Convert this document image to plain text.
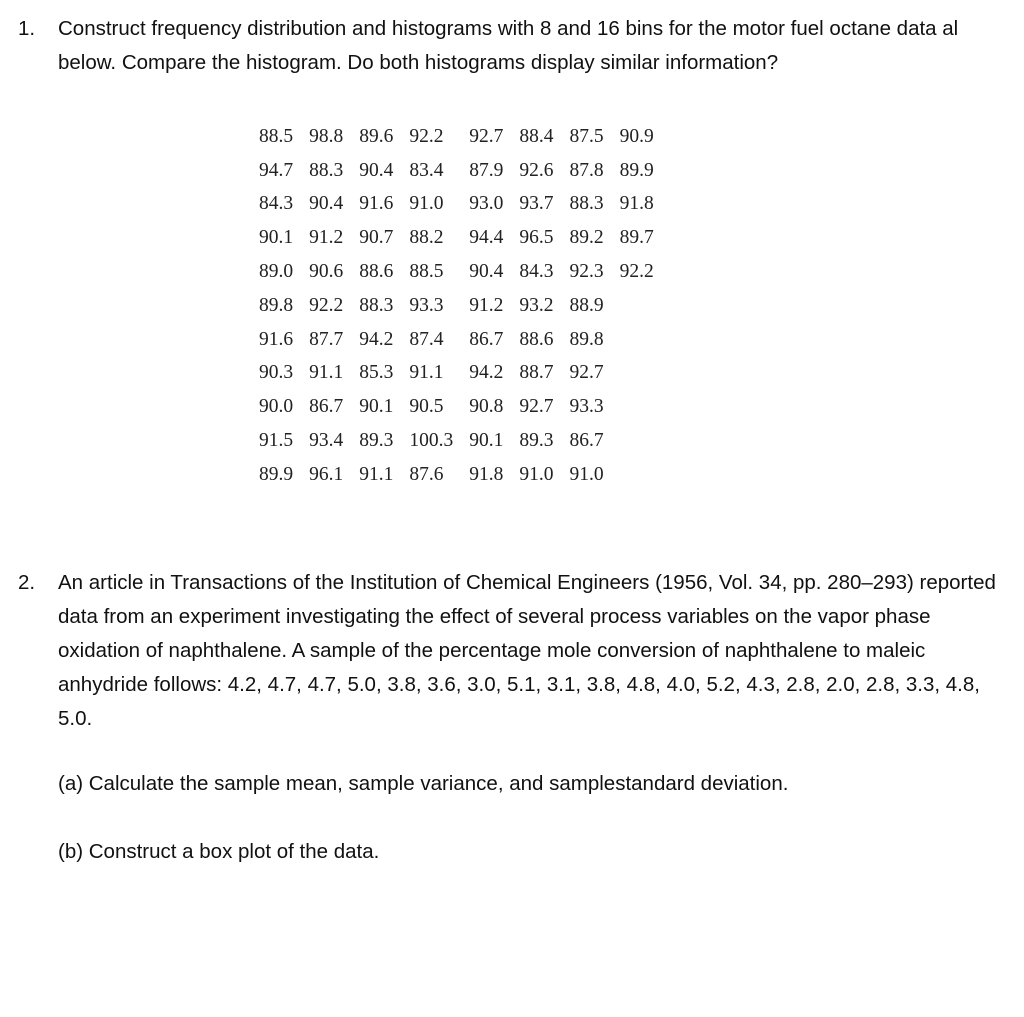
1.	Construct frequency distribution and histograms with 8 and 16 bins for the motor fuel octane data al below. Compare the histogram. Do both histograms display similar information?
88.5	98.8	89.6	92.2	92.7	88.4	87.5	90.9
94.7	88.3	90.4	83.4	87.9	92.6	87.8	89.9
84.3	90.4	91.6	91.0	93.0	93.7	88.3	91.8
90.1	91.2	90.7	88.2	94.4	96.5	89.2	89.7
89.0	90.6	88.6	88.5	90.4	84.3	92.3	92.2
89.8	92.2	88.3	93.3	91.2	93.2	88.9	
91.6	87.7	94.2	87.4	86.7	88.6	89.8	
90.3	91.1	85.3	91.1	94.2	88.7	92.7	
90.0	86.7	90.1	90.5	90.8	92.7	93.3	
91.5	93.4	89.3	100.3	90.1	89.3	86.7	
89.9	96.1	91.1	87.6	91.8	91.0	91.0	
2.	An article in Transactions of the Institution of Chemical Engineers (1956, Vol. 34, pp. 280–293) reported data from an experiment investigating the effect of several process variables on the vapor phase oxidation of naphthalene. A sample of the percentage mole conversion of naphthalene to maleic anhydride follows: 4.2, 4.7, 4.7, 5.0, 3.8, 3.6, 3.0, 5.1, 3.1, 3.8, 4.8, 4.0, 5.2, 4.3, 2.8, 2.0, 2.8, 3.3, 4.8, 5.0.
(a) Calculate the sample mean, sample variance, and samplestandard deviation.
(b) Construct a box plot of the data.
